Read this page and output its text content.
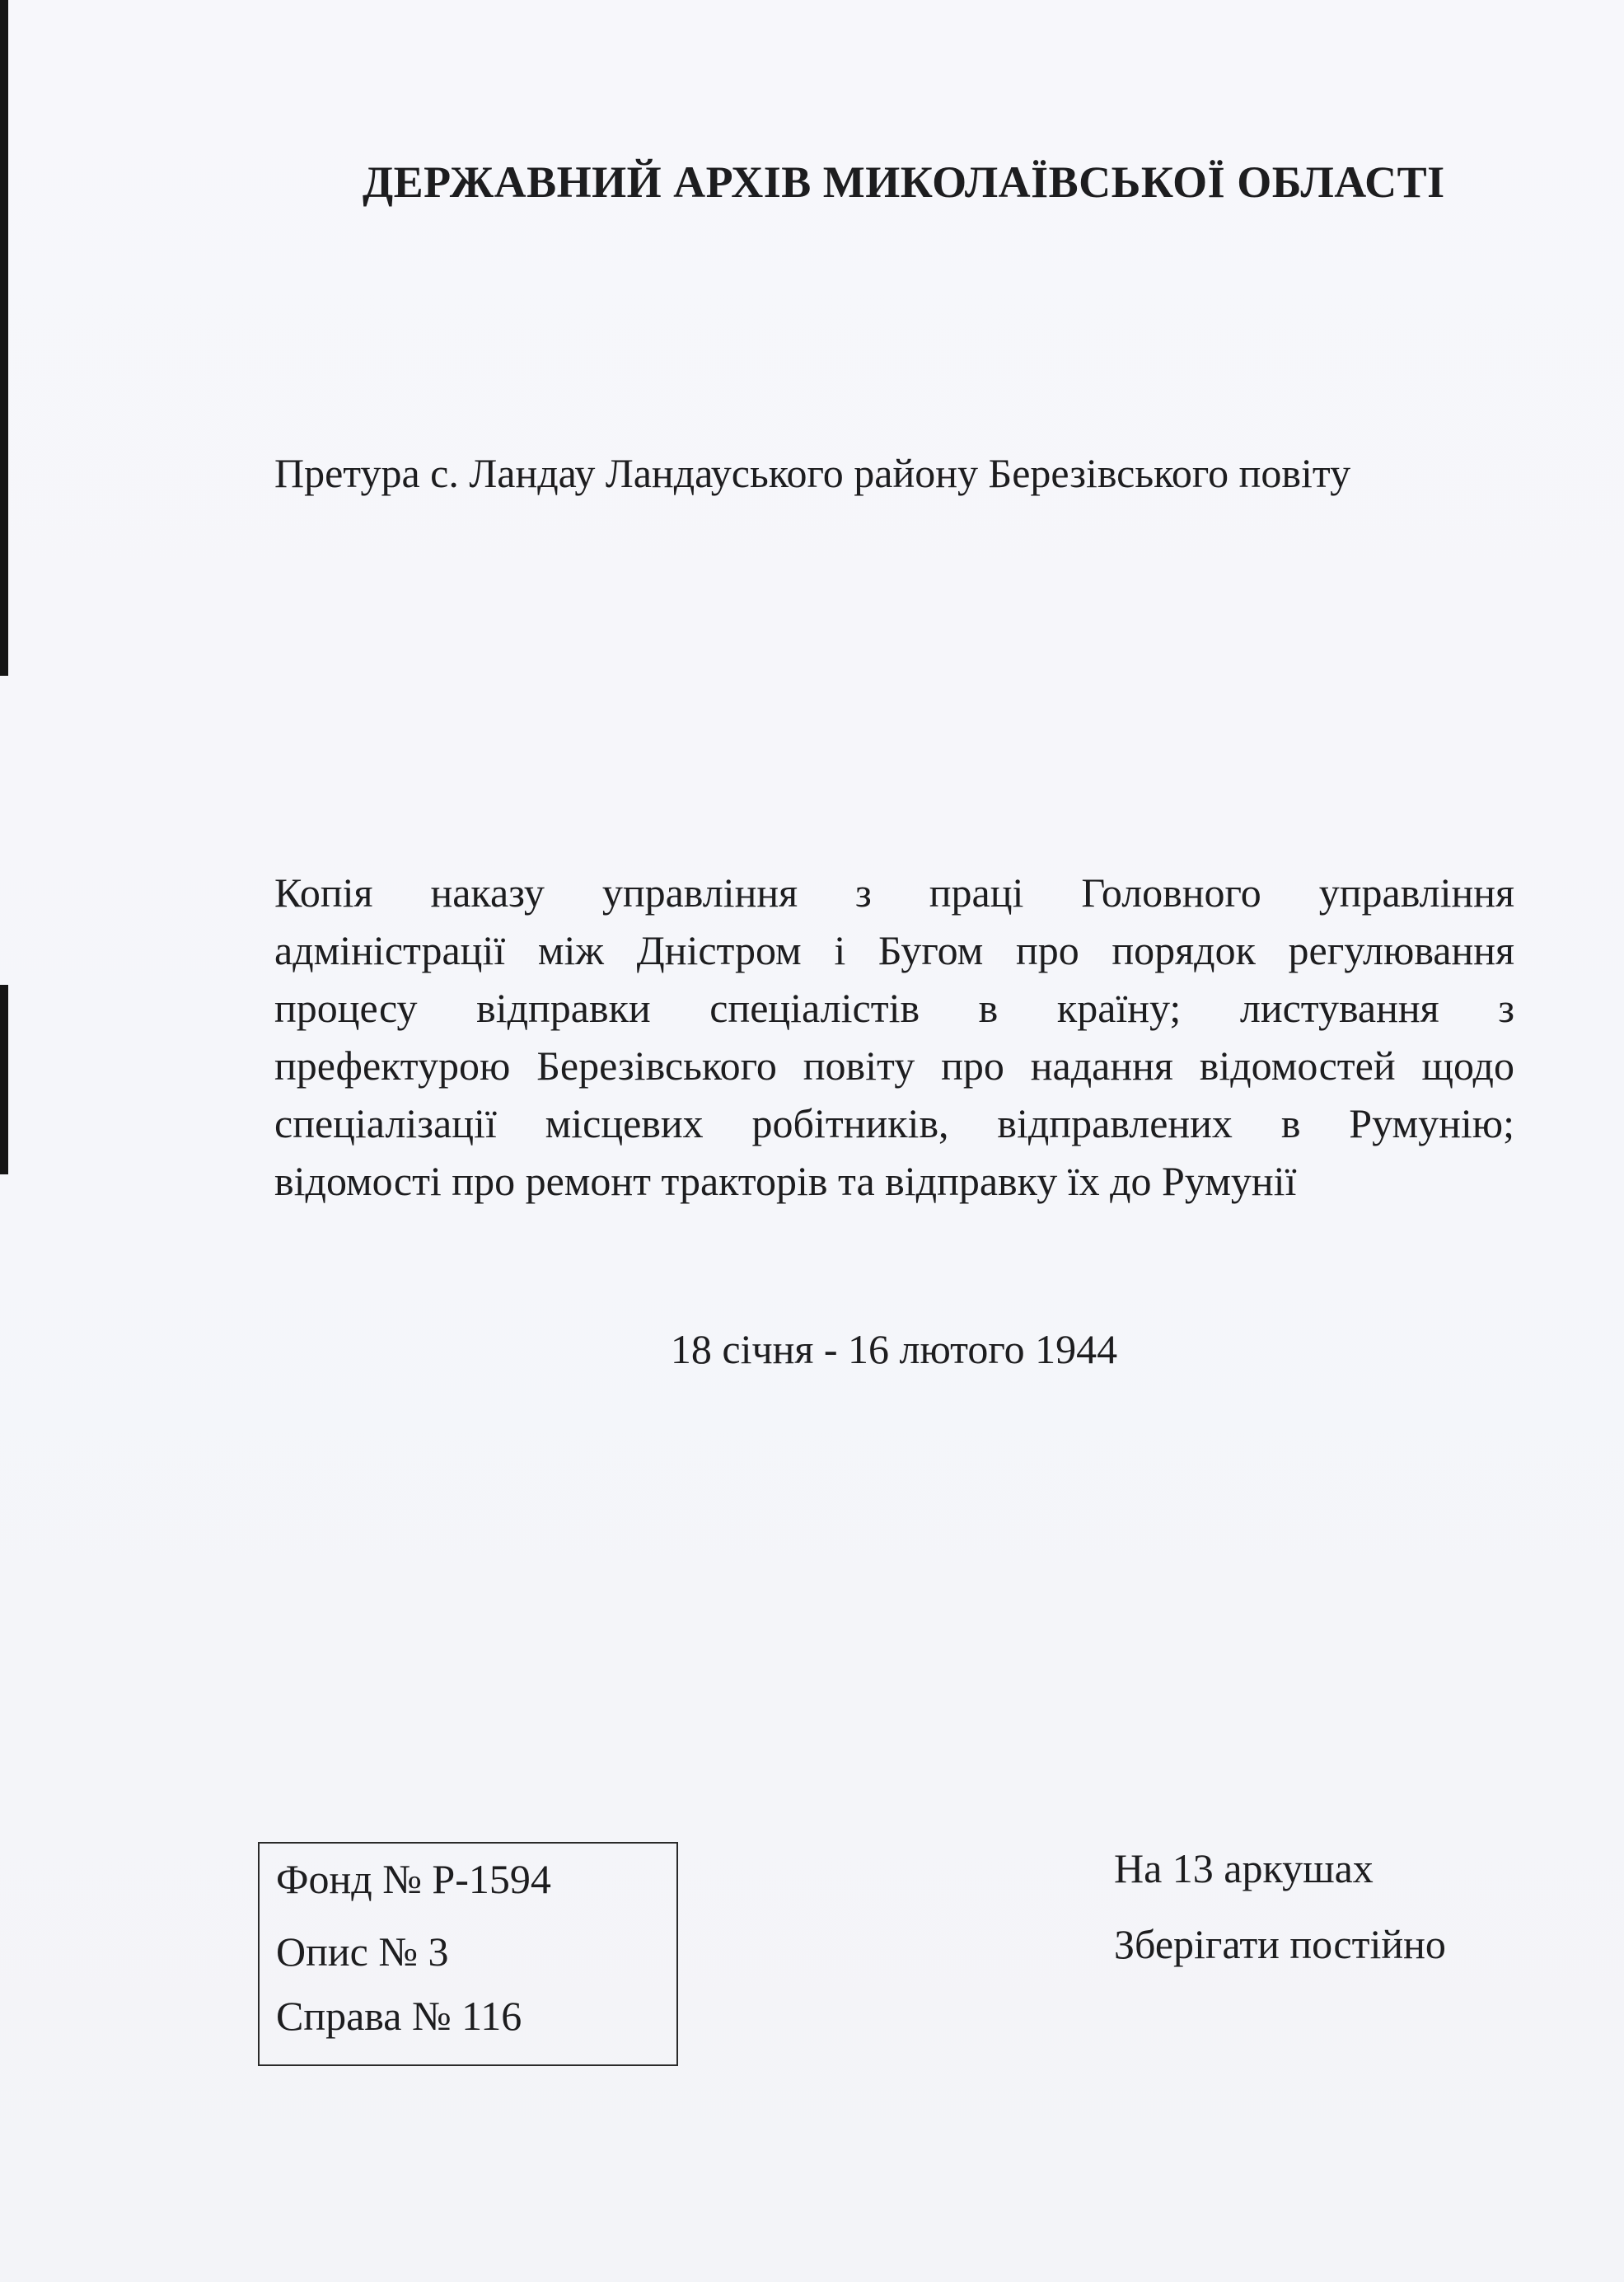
ДЕРЖАВНИЙ АРХІВ МИКОЛАЇВСЬКОЇ ОБЛАСТІ
Претура с. Ландау Ландауського району Березівського повіту
Копія наказу управління з праці Головного управління
адміністрації між Дністром і Бугом про порядок регулювання
процесу відправки спеціалістів в країну; листування з
префектурою Березівського повіту про надання відомостей щодо
спеціалізації місцевих робітників, відправлених в Румунію;
відомості про ремонт тракторів та відправку їх до Румунії
18 січня - 16 лютого 1944
Фонд № Р-1594
Опис № 3
Справа № 116
На 13 аркушах
Зберігати постійно
